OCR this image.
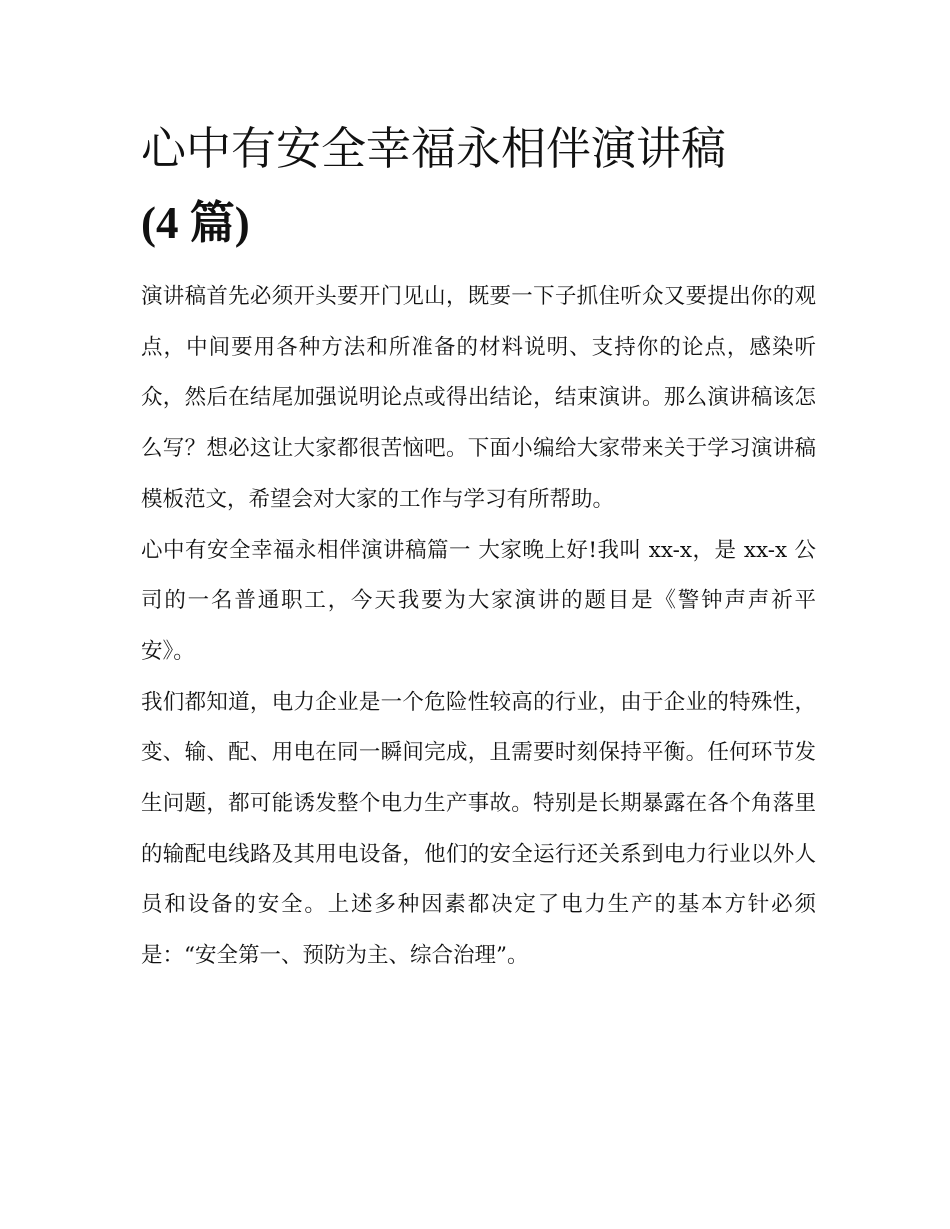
心中有安全幸福永相伴演讲稿
(4 篇)

演讲稿首先必须开头要开门见山，既要一下子抓住听众又要提出你的观点，中间要用各种方法和所准备的材料说明、支持你的论点，感染听众，然后在结尾加强说明论点或得出结论，结束演讲。那么演讲稿该怎么写？想必这让大家都很苦恼吧。下面小编给大家带来关于学习演讲稿模板范文，希望会对大家的工作与学习有所帮助。

心中有安全幸福永相伴演讲稿篇一 大家晚上好!我叫 xx-x，是 xx-x 公司的一名普通职工，今天我要为大家演讲的题目是《警钟声声祈平安》。

我们都知道，电力企业是一个危险性较高的行业，由于企业的特殊性，变、输、配、用电在同一瞬间完成，且需要时刻保持平衡。任何环节发生问题，都可能诱发整个电力生产事故。特别是长期暴露在各个角落里的输配电线路及其用电设备，他们的安全运行还关系到电力行业以外人员和设备的安全。上述多种因素都决定了电力生产的基本方针必须是：“安全第一、预防为主、综合治理”。
